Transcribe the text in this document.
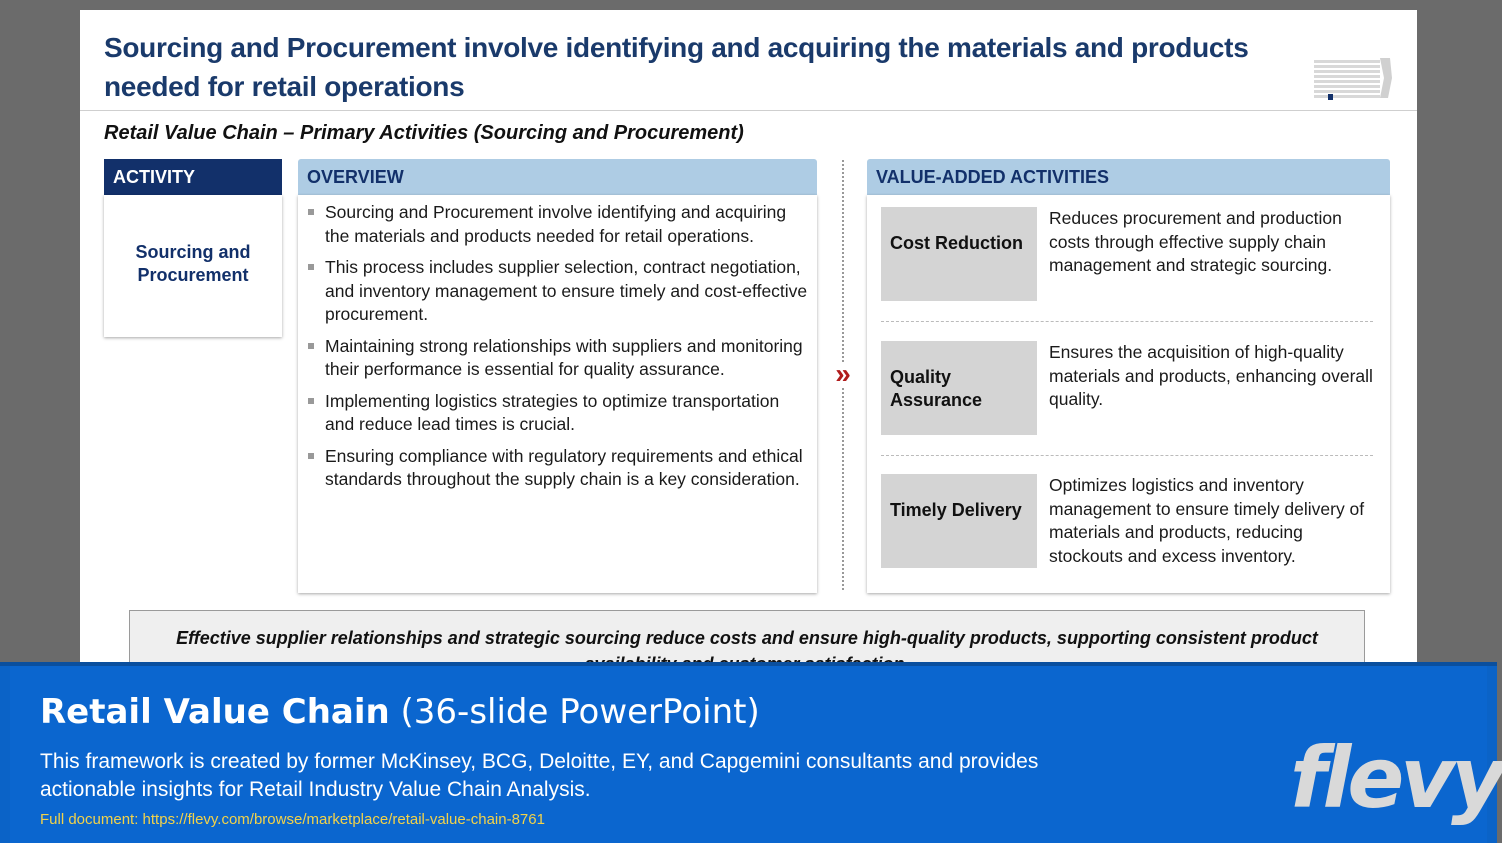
Sourcing and Procurement involve identifying and acquiring the materials and products needed for retail operations
Retail Value Chain – Primary Activities (Sourcing and Procurement)
ACTIVITY
Sourcing and Procurement
OVERVIEW
Sourcing and Procurement involve identifying and acquiring the materials and products needed for retail operations.
This process includes supplier selection, contract negotiation, and inventory management to ensure timely and cost-effective procurement.
Maintaining strong relationships with suppliers and monitoring their performance is essential for quality assurance.
Implementing logistics strategies to optimize transportation and reduce lead times is crucial.
Ensuring compliance with regulatory requirements and ethical standards throughout the supply chain is a key consideration.
»
VALUE-ADDED ACTIVITIES
Cost Reduction
Reduces procurement and production costs through effective supply chain management and strategic sourcing.
Quality Assurance
Ensures the acquisition of high-quality materials and products, enhancing overall quality.
Timely Delivery
Optimizes logistics and inventory management to ensure timely delivery of materials and products, reducing stockouts and excess inventory.
Effective supplier relationships and strategic sourcing reduce costs and ensure high-quality products, supporting consistent product
Retail Value Chain (36-slide PowerPoint)
This framework is created by former McKinsey, BCG, Deloitte, EY, and Capgemini consultants and provides actionable insights for Retail Industry Value Chain Analysis.
Full document: https://flevy.com/browse/marketplace/retail-value-chain-8761	flevy
